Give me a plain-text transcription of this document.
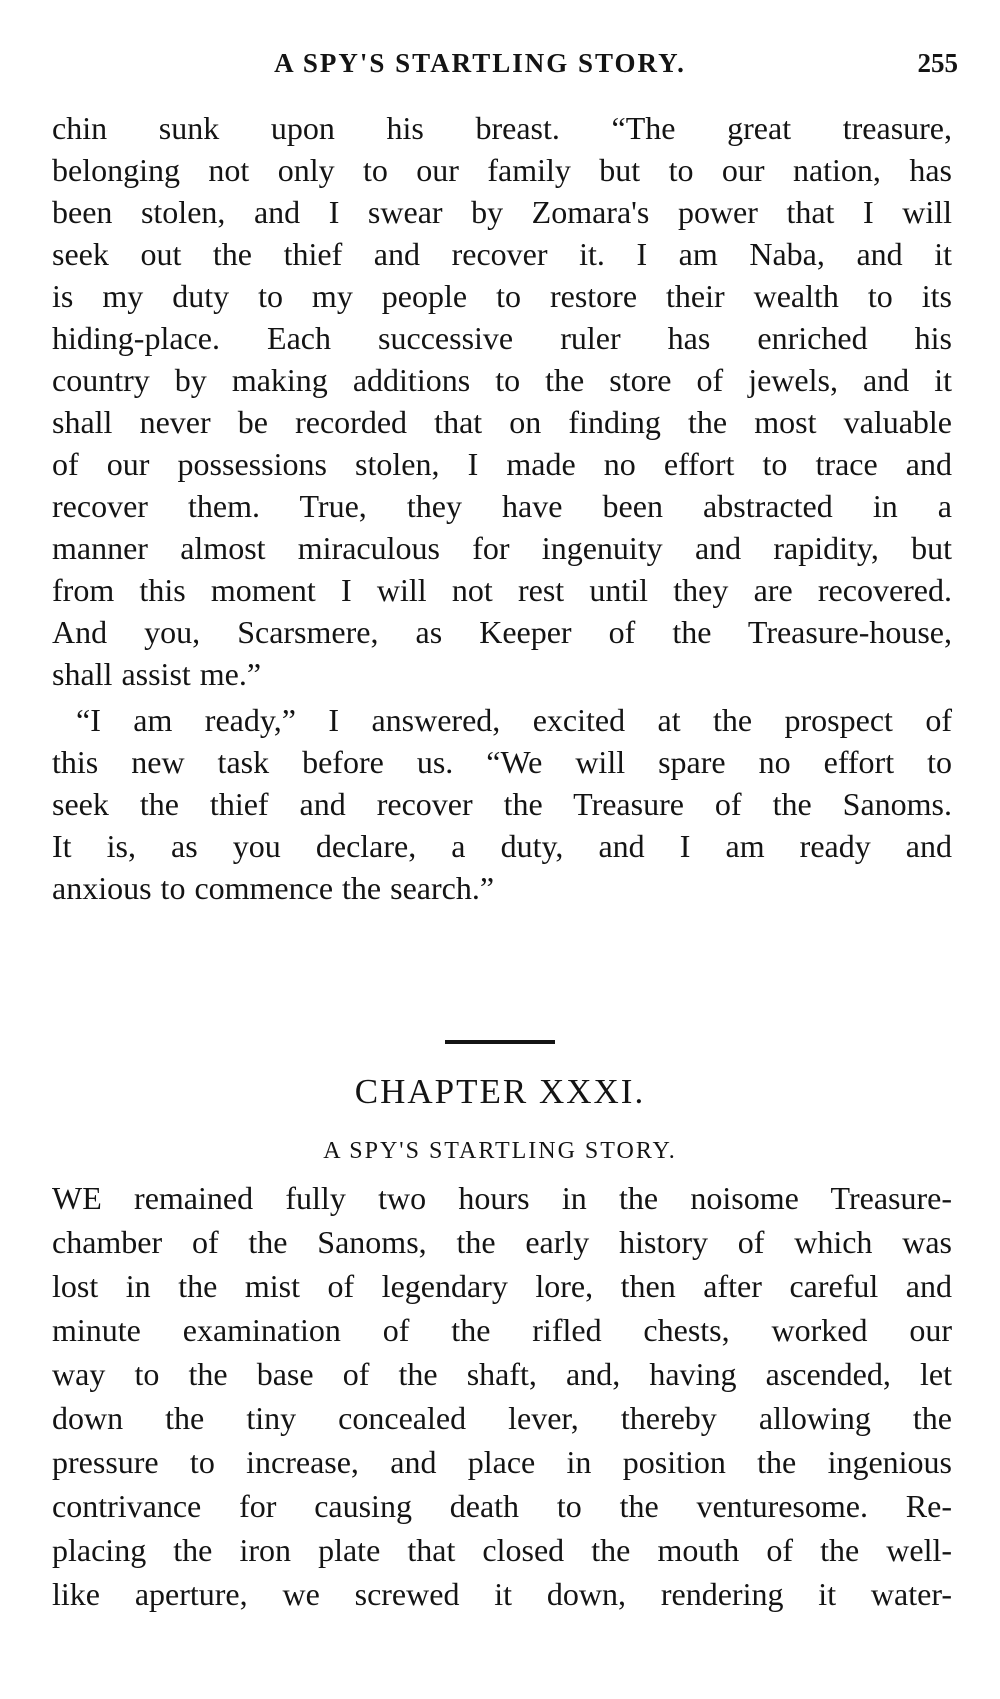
A SPY'S STARTLING STORY.	255
chin sunk upon his breast. “The great treasure,
belonging not only to our family but to our nation, has
been stolen, and I swear by Zomara's power that I will
seek out the thief and recover it. I am Naba, and it
is my duty to my people to restore their wealth to its
hiding-place. Each successive ruler has enriched his
country by making additions to the store of jewels, and it
shall never be recorded that on finding the most valuable
of our possessions stolen, I made no effort to trace and
recover them. True, they have been abstracted in a
manner almost miraculous for ingenuity and rapidity, but
from this moment I will not rest until they are recovered.
And you, Scarsmere, as Keeper of the Treasure-house,
shall assist me.”
“I am ready,” I answered, excited at the prospect of
this new task before us. “We will spare no effort to
seek the thief and recover the Treasure of the Sanoms.
It is, as you declare, a duty, and I am ready and
anxious to commence the search.”
CHAPTER XXXI.
A SPY'S STARTLING STORY.
WE remained fully two hours in the noisome Treasure-
chamber of the Sanoms, the early history of which was
lost in the mist of legendary lore, then after careful and
minute examination of the rifled chests, worked our
way to the base of the shaft, and, having ascended, let
down the tiny concealed lever, thereby allowing the
pressure to increase, and place in position the ingenious
contrivance for causing death to the venturesome. Re-
placing the iron plate that closed the mouth of the well-
like aperture, we screwed it down, rendering it water-
